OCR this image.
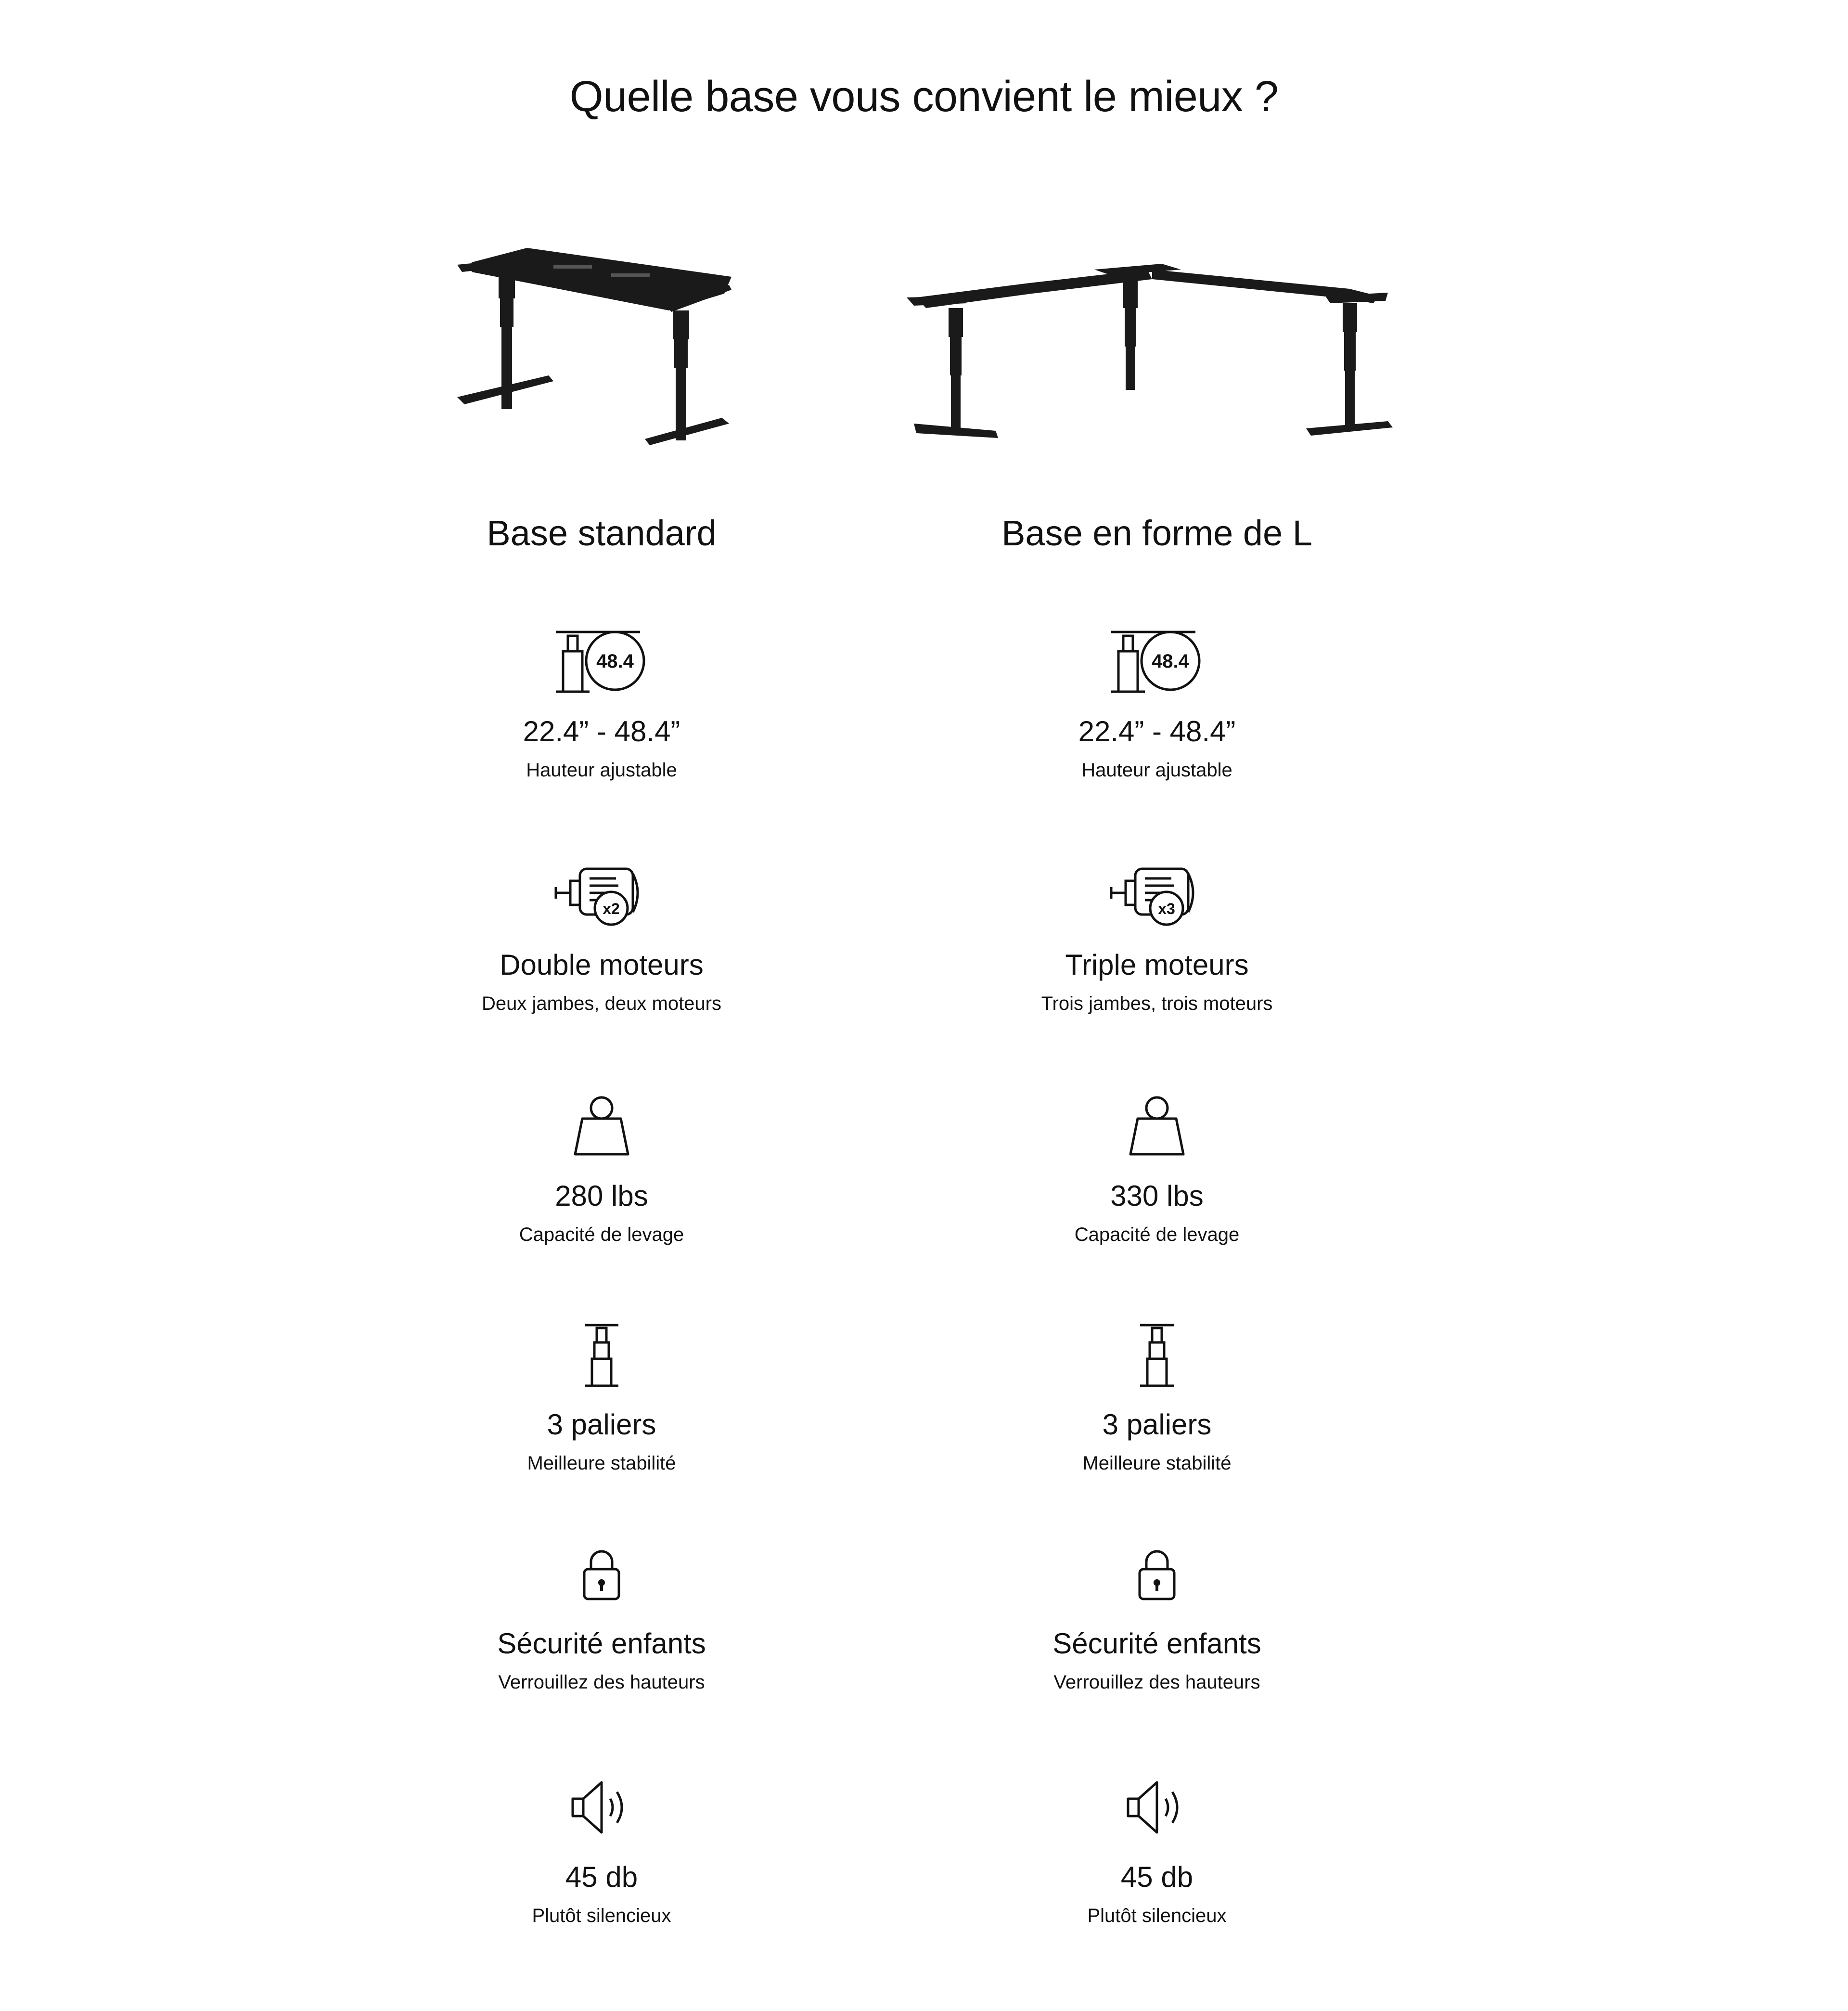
Quelle base vous convient le mieux ?
Base standard
48.4
22.4” - 48.4”
Hauteur ajustable
x2
Double moteurs
Deux jambes, deux moteurs
280 lbs
Capacité de levage
3 paliers
Meilleure stabilité
Sécurité enfants
Verrouillez des hauteurs
45 db
Plutôt silencieux
Base en forme de L
48.4
22.4” - 48.4”
Hauteur ajustable
x3
Triple moteurs
Trois jambes, trois moteurs
330 lbs
Capacité de levage
3 paliers
Meilleure stabilité
Sécurité enfants
Verrouillez des hauteurs
45 db
Plutôt silencieux
